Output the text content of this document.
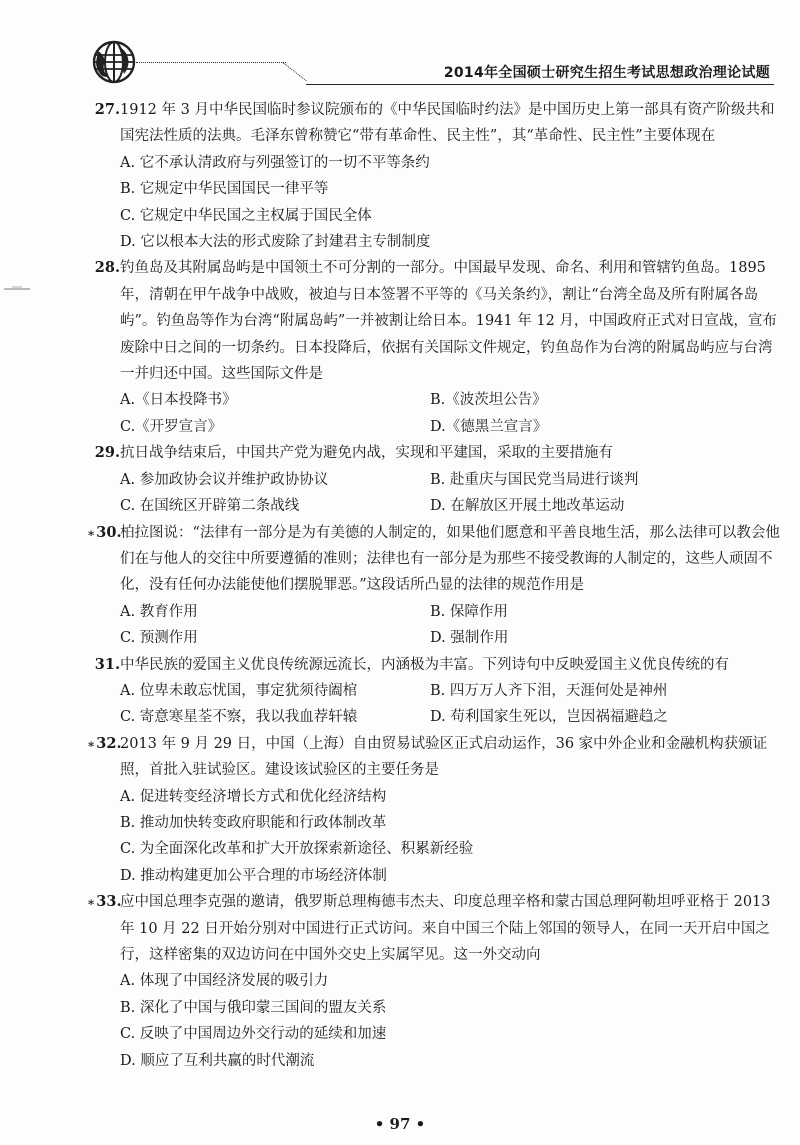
2014年全国硕士研究生招生考试思想政治理论试题
27. 1912 年 3 月中华民国临时参议院颁布的《中华民国临时约法》是中国历史上第一部具有资产阶级共和国宪法性质的法典。毛泽东曾称赞它“带有革命性、民主性”，其“革命性、民主性”主要体现在
A. 它不承认清政府与列强签订的一切不平等条约
B. 它规定中华民国国民一律平等
C. 它规定中华民国之主权属于国民全体
D. 它以根本大法的形式废除了封建君主专制制度
28. 钓鱼岛及其附属岛屿是中国领土不可分割的一部分。中国最早发现、命名、利用和管辖钓鱼岛。1895 年，清朝在甲午战争中战败，被迫与日本签署不平等的《马关条约》，割让“台湾全岛及所有附属各岛屿”。钓鱼岛等作为台湾“附属岛屿”一并被割让给日本。1941 年 12 月，中国政府正式对日宣战，宣布废除中日之间的一切条约。日本投降后，依据有关国际文件规定，钓鱼岛作为台湾的附属岛屿应与台湾一并归还中国。这些国际文件是
A.《日本投降书》	B.《波茨坦公告》
C.《开罗宣言》	D.《德黑兰宣言》
29. 抗日战争结束后，中国共产党为避免内战，实现和平建国，采取的主要措施有
A. 参加政协会议并维护政协协议	B. 赴重庆与国民党当局进行谈判
C. 在国统区开辟第二条战线	D. 在解放区开展土地改革运动
∗30.
柏拉图说：“法律有一部分是为有美德的人制定的，如果他们愿意和平善良地生活，那么法律可以教会他们在与他人的交往中所要遵循的准则；法律也有一部分是为那些不接受教诲的人制定的，这些人顽固不化，没有任何办法能使他们摆脱罪恶。”这段话所凸显的法律的规范作用是
A. 教育作用	B. 保障作用
C. 预测作用	D. 强制作用
31. 中华民族的爱国主义优良传统源远流长，内涵极为丰富。下列诗句中反映爱国主义优良传统的有
A. 位卑未敢忘忧国，事定犹须待阖棺	B. 四万万人齐下泪，天涯何处是神州
C. 寄意寒星荃不察，我以我血荐轩辕	D. 苟利国家生死以，岂因祸福避趋之
∗32.
2013 年 9 月 29 日，中国（上海）自由贸易试验区正式启动运作，36 家中外企业和金融机构获颁证照，首批入驻试验区。建设该试验区的主要任务是
A. 促进转变经济增长方式和优化经济结构
B. 推动加快转变政府职能和行政体制改革
C. 为全面深化改革和扩大开放探索新途径、积累新经验
D. 推动构建更加公平合理的市场经济体制
∗33.
应中国总理李克强的邀请，俄罗斯总理梅德韦杰夫、印度总理辛格和蒙古国总理阿勒坦呼亚格于 2013 年 10 月 22 日开始分别对中国进行正式访问。来自中国三个陆上邻国的领导人，在同一天开启中国之行，这样密集的双边访问在中国外交史上实属罕见。这一外交动向
A. 体现了中国经济发展的吸引力
B. 深化了中国与俄印蒙三国间的盟友关系
C. 反映了中国周边外交行动的延续和加速
D. 顺应了互利共赢的时代潮流
• 97 •
